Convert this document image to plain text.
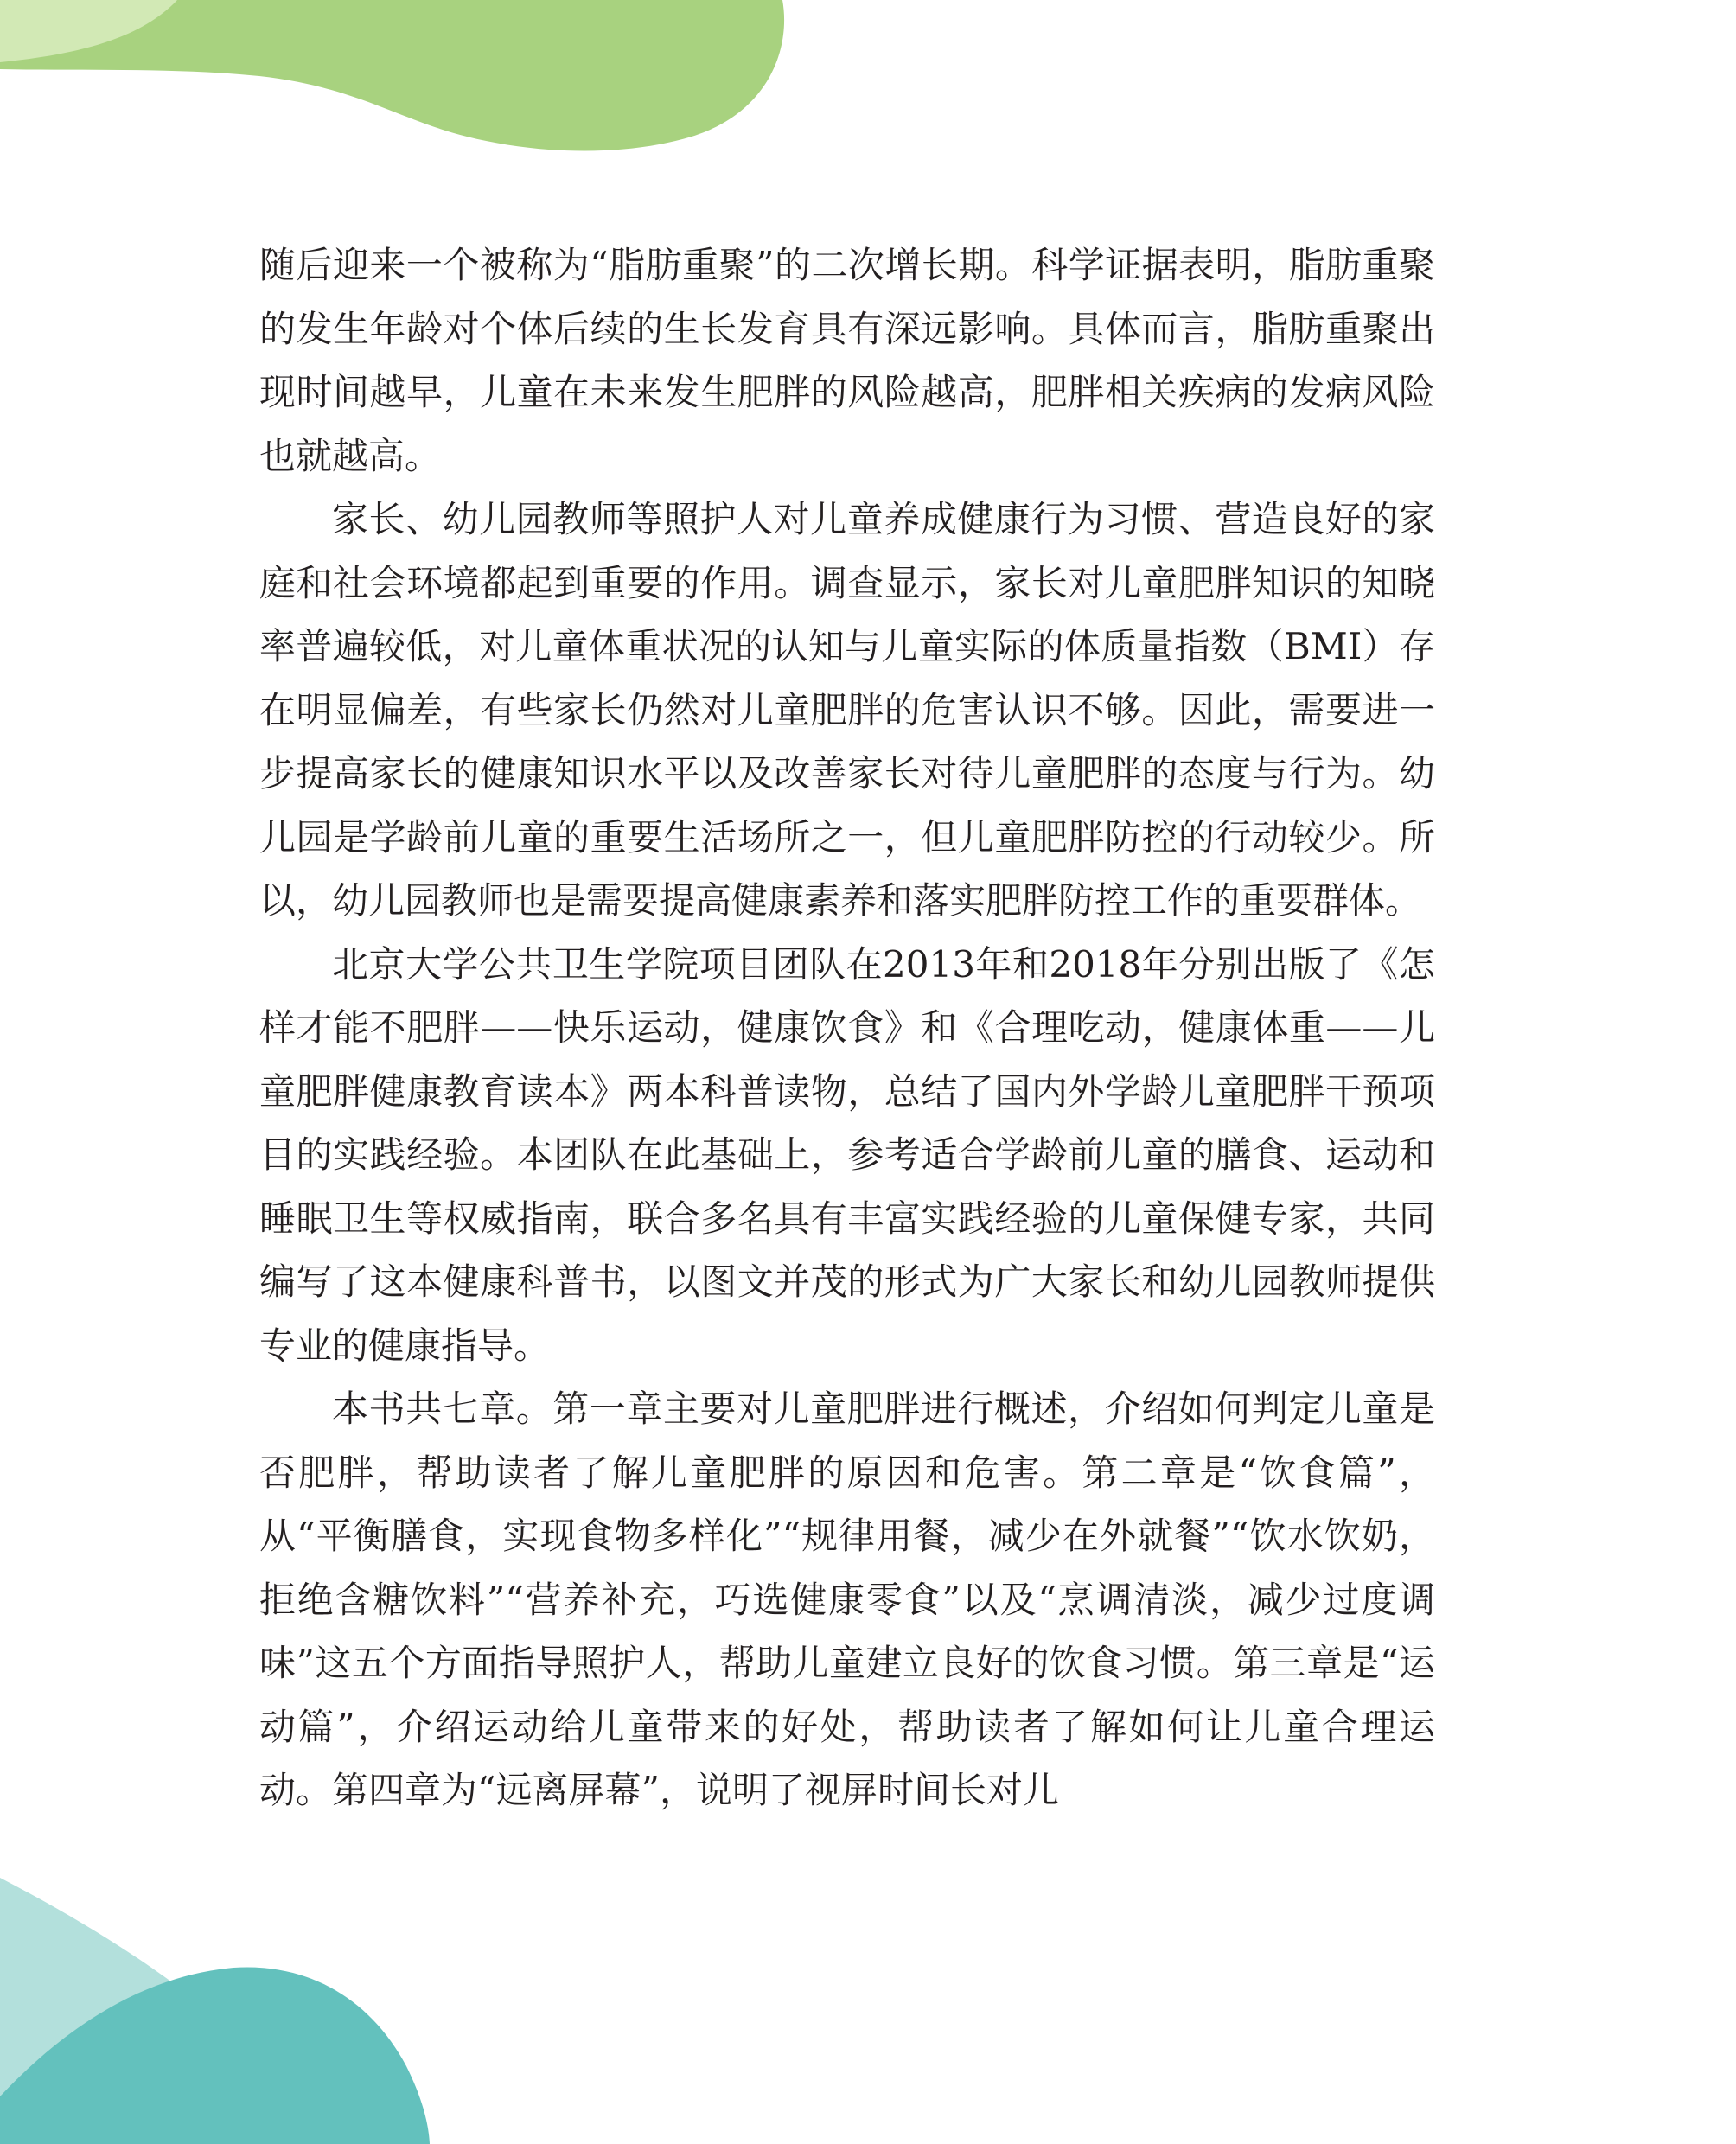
随后迎来一个被称为“脂肪重聚”的二次增长期。科学证据表明，脂肪重聚的发生年龄对个体后续的生长发育具有深远影响。具体而言，脂肪重聚出现时间越早，儿童在未来发生肥胖的风险越高，肥胖相关疾病的发病风险也就越高。

家长、幼儿园教师等照护人对儿童养成健康行为习惯、营造良好的家庭和社会环境都起到重要的作用。调查显示，家长对儿童肥胖知识的知晓率普遍较低，对儿童体重状况的认知与儿童实际的体质量指数（BMI）存在明显偏差，有些家长仍然对儿童肥胖的危害认识不够。因此，需要进一步提高家长的健康知识水平以及改善家长对待儿童肥胖的态度与行为。幼儿园是学龄前儿童的重要生活场所之一，但儿童肥胖防控的行动较少。所以，幼儿园教师也是需要提高健康素养和落实肥胖防控工作的重要群体。

北京大学公共卫生学院项目团队在2013年和2018年分别出版了《怎样才能不肥胖——快乐运动，健康饮食》和《合理吃动，健康体重——儿童肥胖健康教育读本》两本科普读物，总结了国内外学龄儿童肥胖干预项目的实践经验。本团队在此基础上，参考适合学龄前儿童的膳食、运动和睡眠卫生等权威指南，联合多名具有丰富实践经验的儿童保健专家，共同编写了这本健康科普书，以图文并茂的形式为广大家长和幼儿园教师提供专业的健康指导。

本书共七章。第一章主要对儿童肥胖进行概述，介绍如何判定儿童是否肥胖，帮助读者了解儿童肥胖的原因和危害。第二章是“饮食篇”，从“平衡膳食，实现食物多样化”“规律用餐，减少在外就餐”“饮水饮奶，拒绝含糖饮料”“营养补充，巧选健康零食”以及“烹调清淡，减少过度调味”这五个方面指导照护人，帮助儿童建立良好的饮食习惯。第三章是“运动篇”，介绍运动给儿童带来的好处，帮助读者了解如何让儿童合理运动。第四章为“远离屏幕”，说明了视屏时间长对儿
